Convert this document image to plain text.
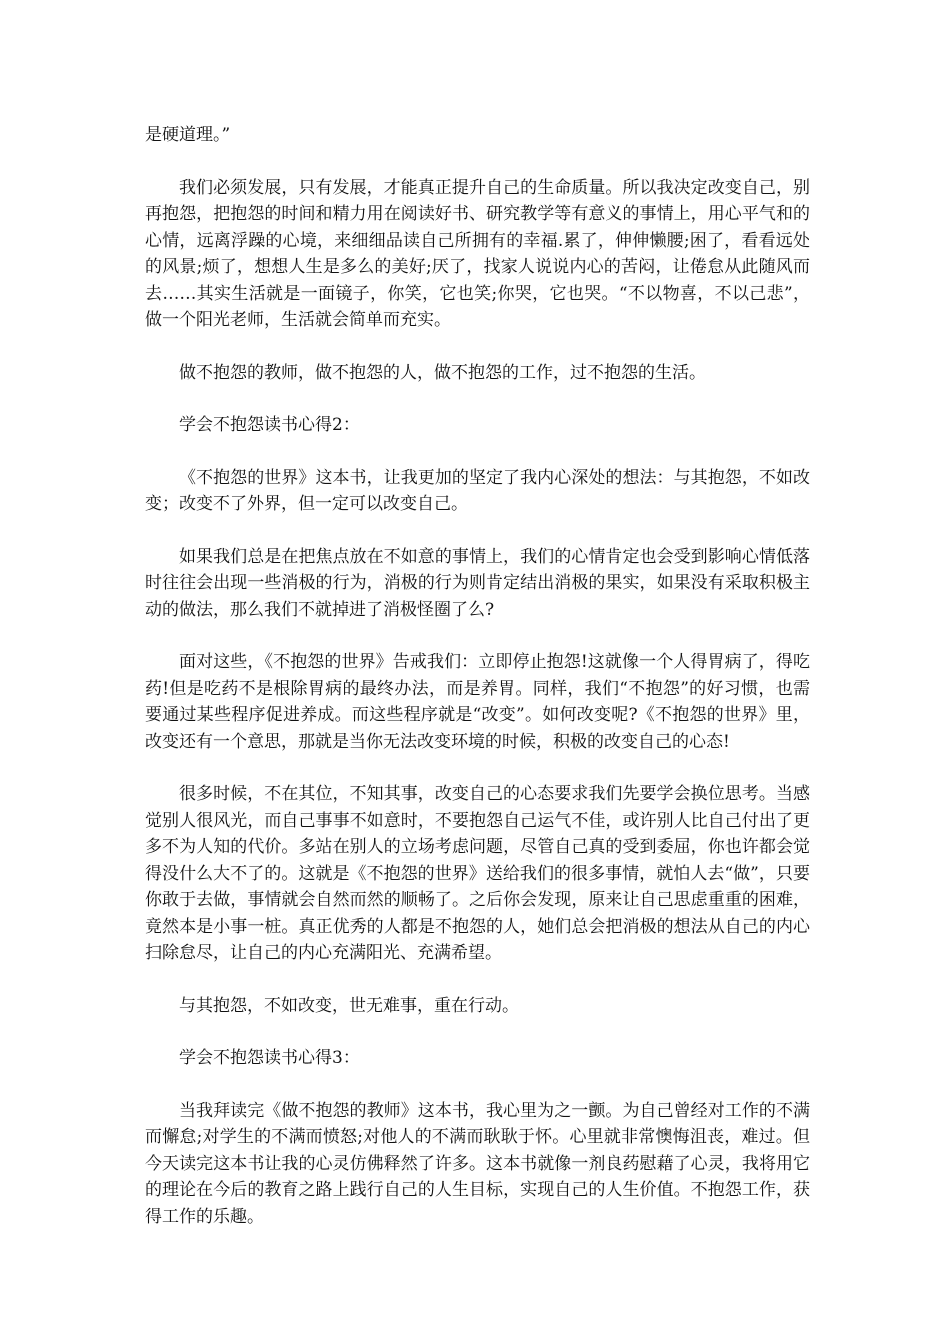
是硬道理。”

我们必须发展，只有发展，才能真正提升自己的生命质量。所以我决定改变自己，别再抱怨，把抱怨的时间和精力用在阅读好书、研究教学等有意义的事情上，用心平气和的心情，远离浮躁的心境，来细细品读自己所拥有的幸福.累了，伸伸懒腰;困了，看看远处的风景;烦了，想想人生是多么的美好;厌了，找家人说说内心的苦闷，让倦怠从此随风而去……其实生活就是一面镜子，你笑，它也笑;你哭，它也哭。“不以物喜，不以己悲”，做一个阳光老师，生活就会简单而充实。

做不抱怨的教师，做不抱怨的人，做不抱怨的工作，过不抱怨的生活。

学会不抱怨读书心得2：

《不抱怨的世界》这本书，让我更加的坚定了我内心深处的想法：与其抱怨，不如改变；改变不了外界，但一定可以改变自己。

如果我们总是在把焦点放在不如意的事情上，我们的心情肯定也会受到影响心情低落时往往会出现一些消极的行为，消极的行为则肯定结出消极的果实，如果没有采取积极主动的做法，那么我们不就掉进了消极怪圈了么?

面对这些，《不抱怨的世界》告戒我们：立即停止抱怨!这就像一个人得胃病了，得吃药!但是吃药不是根除胃病的最终办法，而是养胃。同样，我们“不抱怨”的好习惯，也需要通过某些程序促进养成。而这些程序就是“改变”。如何改变呢?《不抱怨的世界》里，改变还有一个意思，那就是当你无法改变环境的时候，积极的改变自己的心态!

很多时候，不在其位，不知其事，改变自己的心态要求我们先要学会换位思考。当感觉别人很风光，而自己事事不如意时，不要抱怨自己运气不佳，或许别人比自己付出了更多不为人知的代价。多站在别人的立场考虑问题，尽管自己真的受到委屈，你也许都会觉得没什么大不了的。这就是《不抱怨的世界》送给我们的很多事情，就怕人去“做”，只要你敢于去做，事情就会自然而然的顺畅了。之后你会发现，原来让自己思虑重重的困难，竟然本是小事一桩。真正优秀的人都是不抱怨的人，她们总会把消极的想法从自己的内心扫除怠尽，让自己的内心充满阳光、充满希望。

与其抱怨，不如改变，世无难事，重在行动。

学会不抱怨读书心得3：

当我拜读完《做不抱怨的教师》这本书，我心里为之一颤。为自己曾经对工作的不满而懈怠;对学生的不满而愤怒;对他人的不满而耿耿于怀。心里就非常懊悔沮丧，难过。但今天读完这本书让我的心灵仿佛释然了许多。这本书就像一剂良药慰藉了心灵，我将用它的理论在今后的教育之路上践行自己的人生目标，实现自己的人生价值。不抱怨工作，获得工作的乐趣。
